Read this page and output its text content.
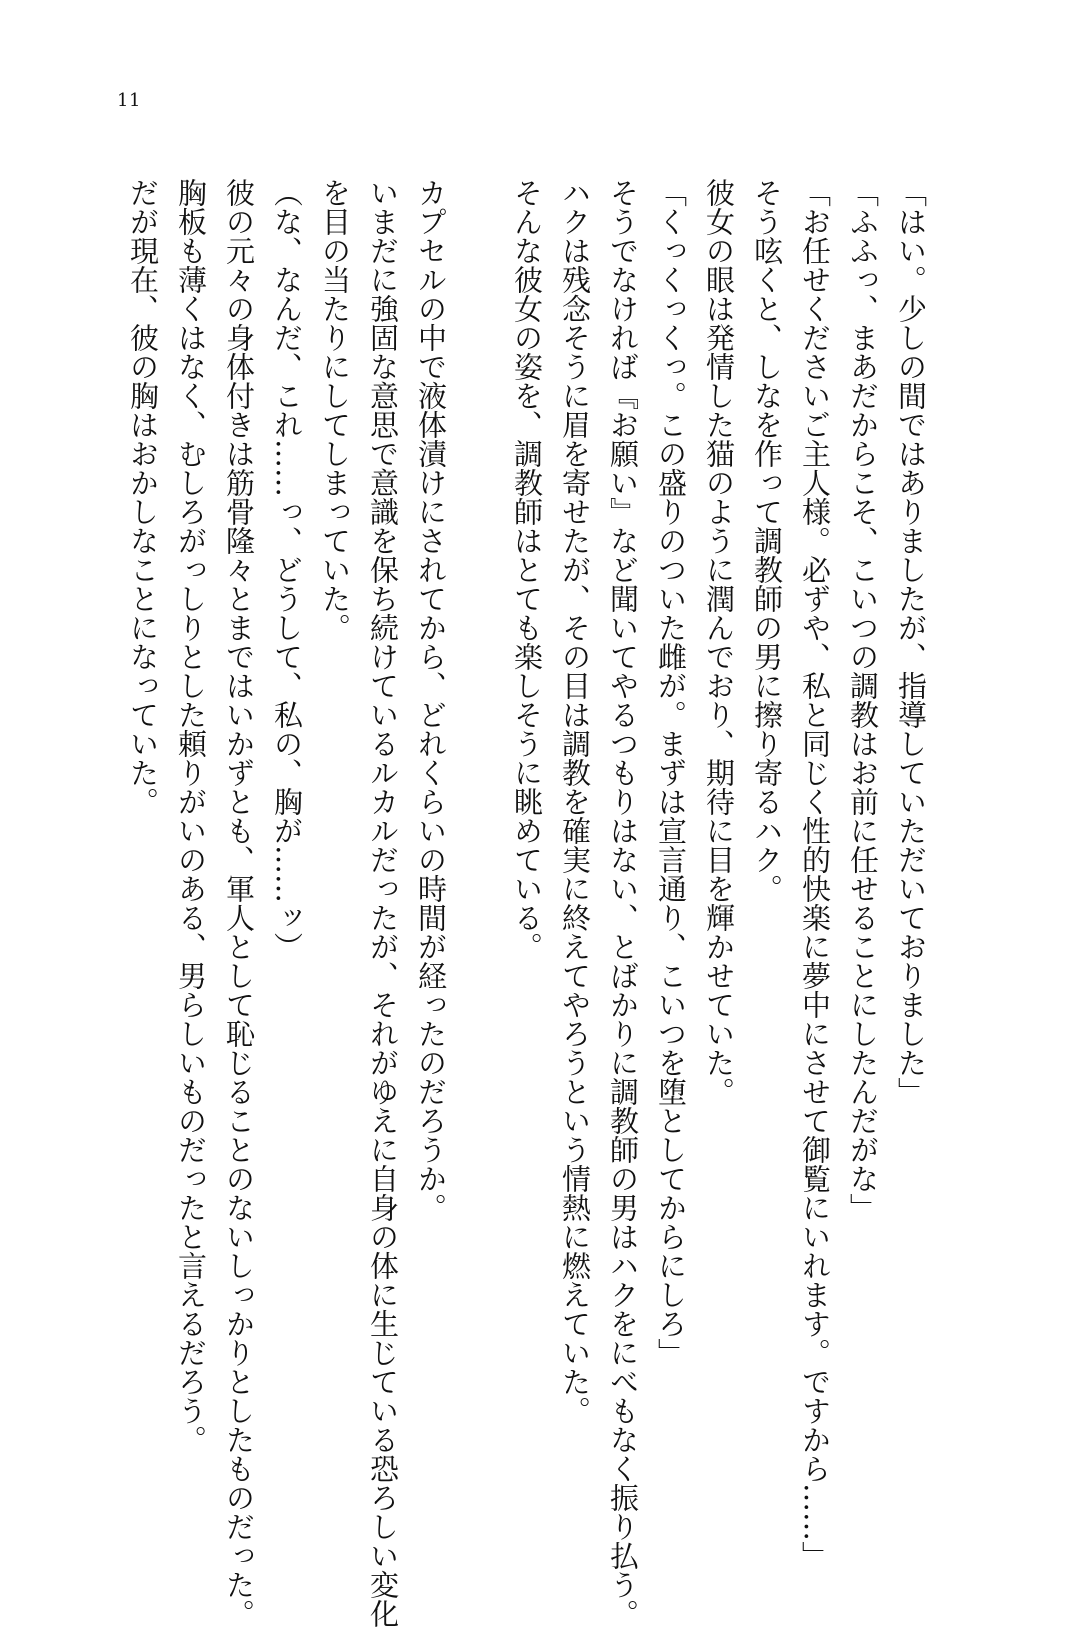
11
「はい。少しの間ではありましたが、指導していただいておりました」
「ふふっ、まあだからこそ、こいつの調教はお前に任せることにしたんだがな」
「お任せくださいご主人様。必ずや、私と同じく性的快楽に夢中にさせて御覧にいれます。ですから……」
そう呟くと、しなを作って調教師の男に擦り寄るハク。
彼女の眼は発情した猫のように潤んでおり、期待に目を輝かせていた。
「くっくっくっ。この盛りのついた雌が。まずは宣言通り、こいつを堕としてからにしろ」
そうでなければ『お願い』など聞いてやるつもりはない、とばかりに調教師の男はハクをにべもなく振り払う。
ハクは残念そうに眉を寄せたが、その目は調教を確実に終えてやろうという情熱に燃えていた。
そんな彼女の姿を、調教師はとても楽しそうに眺めている。
カプセルの中で液体漬けにされてから、どれくらいの時間が経ったのだろうか。
いまだに強固な意思で意識を保ち続けているルカルだったが、それがゆえに自身の体に生じている恐ろしい変化
を目の当たりにしてしまっていた。
（な、なんだ、これ……っ、どうして、私の、胸が……ッ）
彼の元々の身体付きは筋骨隆々とまではいかずとも、軍人として恥じることのないしっかりとしたものだった。
胸板も薄くはなく、むしろがっしりとした頼りがいのある、男らしいものだったと言えるだろう。
だが現在、彼の胸はおかしなことになっていた。
